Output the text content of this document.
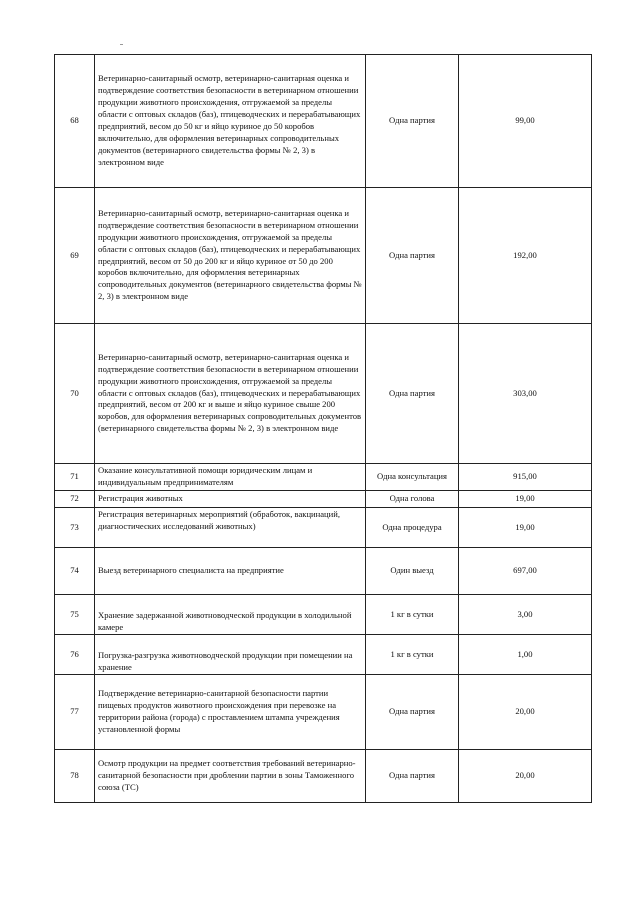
68	Ветеринарно-санитарный осмотр, ветеринарно-санитарная оценка и подтверждение соответствия безопасности в ветеринарном отношении продукции животного происхождения, отгружаемой за пределы области с оптовых складов (баз), птицеводческих и перерабатывающих предприятий, весом до 50 кг и яйцо куриное до 50 коробов включительно, для оформления ветеринарных сопроводительных документов (ветеринарного свидетельства формы № 2, 3) в электронном виде	Одна партия	99,00
69	Ветеринарно-санитарный осмотр, ветеринарно-санитарная оценка и подтверждение соответствия безопасности в ветеринарном отношении продукции животного происхождения, отгружаемой за пределы области с оптовых складов (баз), птицеводческих и перерабатывающих предприятий, весом от 50 до 200 кг и яйцо куриное от 50 до 200 коробов включительно, для оформления ветеринарных сопроводительных документов (ветеринарного свидетельства формы № 2, 3) в электронном виде	Одна партия	192,00
70	Ветеринарно-санитарный осмотр, ветеринарно-санитарная оценка и подтверждение соответствия безопасности в ветеринарном отношении продукции животного происхождения, отгружаемой за пределы области с оптовых складов (баз), птицеводческих и перерабатывающих предприятий, весом от 200 кг и выше и яйцо куриное свыше 200 коробов, для оформления ветеринарных сопроводительных документов (ветеринарного свидетельства формы № 2, 3) в электронном виде	Одна партия	303,00
71	Оказание консультативной помощи юридическим лицам и индивидуальным предпринимателям	Одна консультация	915,00
72	Регистрация животных	Одна голова	19,00
73	Регистрация ветеринарных мероприятий (обработок, вакцинаций, диагностических исследований животных)	Одна процедура	19,00
74	Выезд ветеринарного специалиста на предприятие	Один выезд	697,00
75	Хранение задержанной животноводческой продукции в холодильной камере	1 кг в сутки	3,00
76	Погрузка-разгрузка животноводческой продукции при помещении на хранение	1 кг в сутки	1,00
77	Подтверждение ветеринарно-санитарной безопасности партии пищевых продуктов животного происхождения при перевозке на территории района (города) с проставлением штампа учреждения установленной формы	Одна партия	20,00
78	Осмотр продукции на предмет соответствия требований ветеринарно-санитарной безопасности при дроблении партии в зоны Таможенного союза (ТС)	Одна партия	20,00
